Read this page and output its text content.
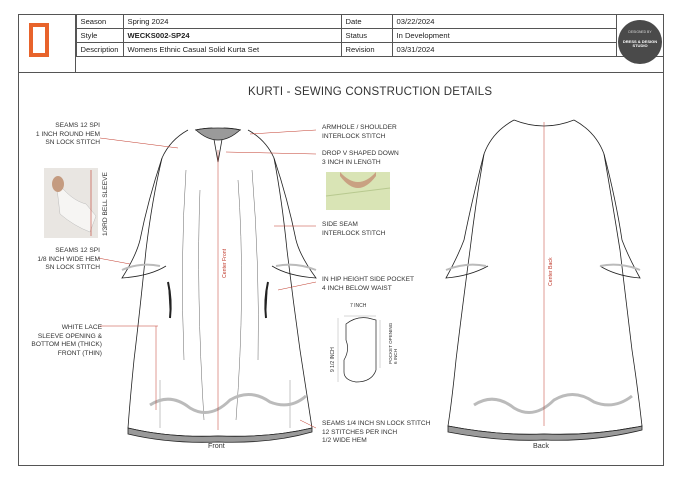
	Season	Spring 2024	Date	03/22/2024	
	Style	WECKS002-SP24	Status	In Development	
	Description	Womens Ethnic Casual Solid Kurta Set	Revision	03/31/2024	
DESIGNED BY
DRESS & DESIGN STUDIO
KURTI - SEWING CONSTRUCTION DETAILS
SEAMS 12 SPI
1 INCH ROUND HEM
SN LOCK STITCH
1/3RD BELL SLEEVE
SEAMS 12 SPI
1/8 INCH WIDE HEM
SN LOCK STITCH
WHITE LACE
SLEEVE OPENING &
BOTTOM HEM (THICK)
FRONT (THIN)
ARMHOLE / SHOULDER
INTERLOCK STITCH
DROP V SHAPED DOWN
3 INCH IN LENGTH
SIDE SEAM
INTERLOCK STITCH
IN HIP HEIGHT SIDE POCKET
4 INCH BELOW WAIST
SEAMS 1/4 INCH SN LOCK STITCH
12 STITCHES PER INCH
1/2 WIDE HEM
7 INCH
9 1/2 INCH	POCKET OPENING
6 INCH
Center Front	Center Back
Front	Back
